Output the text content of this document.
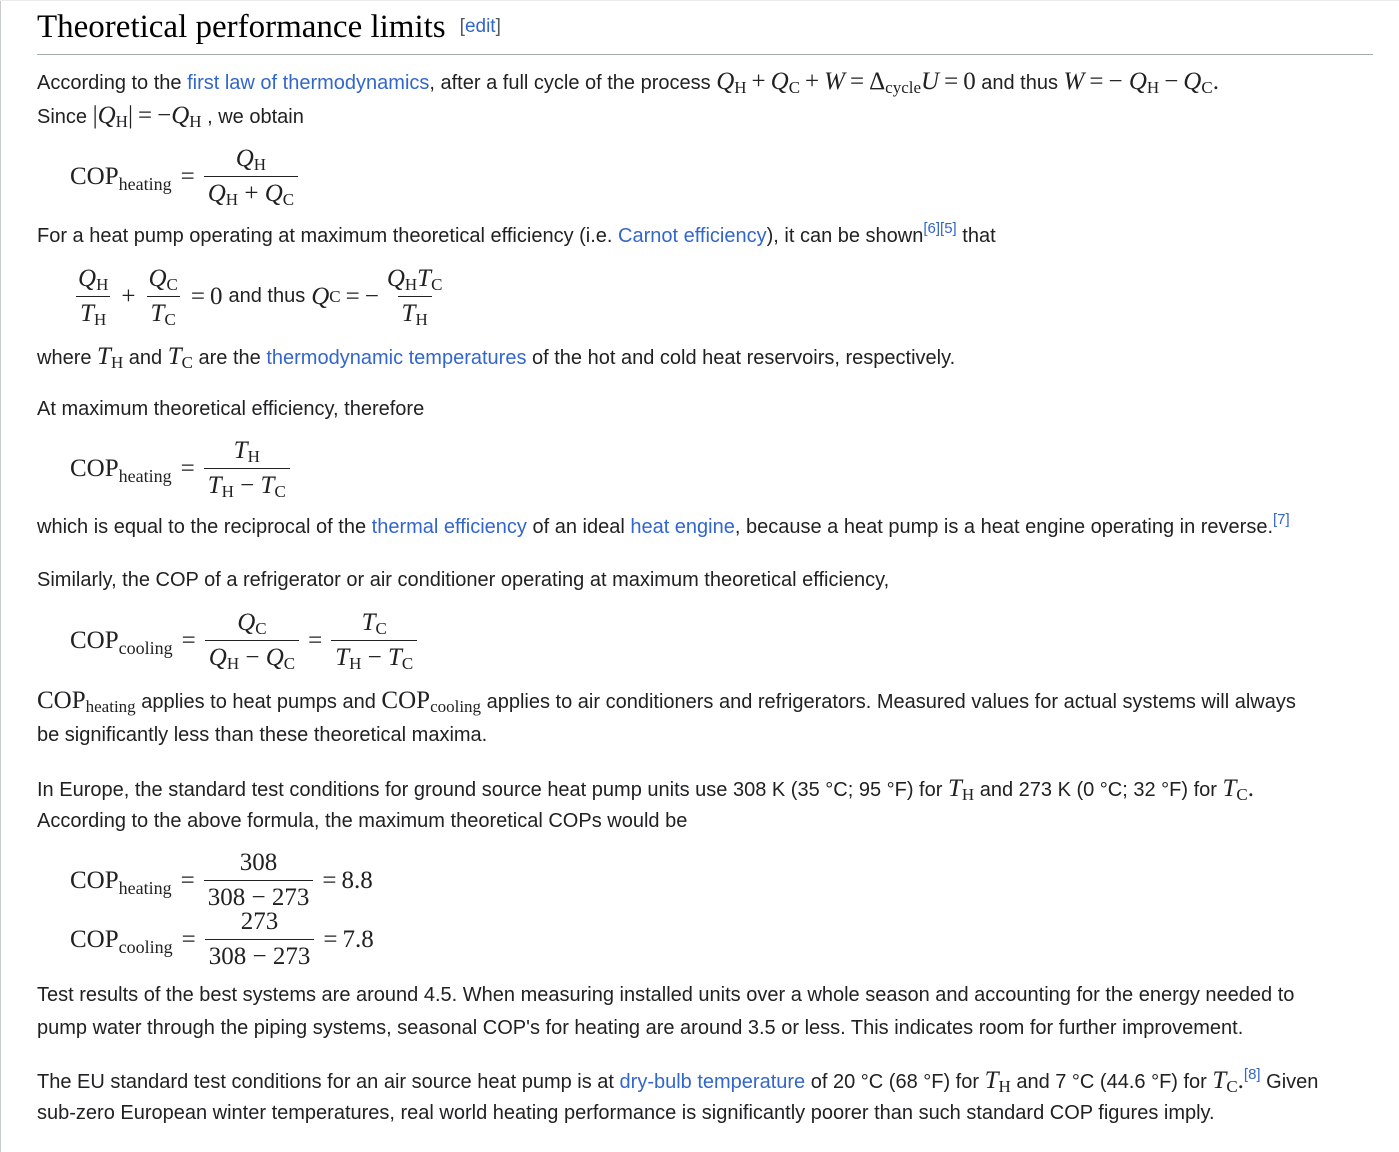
Theoretical performance limits [edit]
According to the first law of thermodynamics, after a full cycle of the process $Q_H + Q_C + W = \Delta_{cycle}U = 0$ and thus W = − $Q_H - Q_C$.
Since $|Q_H| = -Q_H$ , we obtain
$COP_{heating} = \frac{Q_H}{Q_H + Q_C}$
For a heat pump operating at maximum theoretical efficiency (i.e. Carnot efficiency), it can be shown[6][5] that
$\frac{Q_H}{T_H} + \frac{Q_C}{T_C} = 0$ and thus Q C = − $\frac{Q_HT_C}{T_H}$
where $T_H$ and $T_C$ are the thermodynamic temperatures of the hot and cold heat reservoirs, respectively.
At maximum theoretical efficiency, therefore
$COP_{heating} = \frac{T_H}{T_H - T_C}$
which is equal to the reciprocal of the thermal efficiency of an ideal heat engine, because a heat pump is a heat engine operating in reverse.[7]
Similarly, the COP of a refrigerator or air conditioner operating at maximum theoretical efficiency,
$COP_{cooling} = \frac{Q_C}{Q_H - Q_C} = \frac{T_C}{T_H - T_C}$
$COP_{heating}$ applies to heat pumps and $COP_{cooling}$ applies to air conditioners and refrigerators. Measured values for actual systems will always
be significantly less than these theoretical maxima.
In Europe, the standard test conditions for ground source heat pump units use 308 K (35 °C; 95 °F) for $T_H$ and 273 K (0 °C; 32 °F) for $T_C$.
According to the above formula, the maximum theoretical COPs would be
$COP_{heating} = \frac{308}{308 - 273} = 8.8$
$COP_{cooling} = \frac{273}{308 - 273} = 7.8$
Test results of the best systems are around 4.5. When measuring installed units over a whole season and accounting for the energy needed to
pump water through the piping systems, seasonal COP's for heating are around 3.5 or less. This indicates room for further improvement.
The EU standard test conditions for an air source heat pump is at dry-bulb temperature of 20 °C (68 °F) for $T_H$ and 7 °C (44.6 °F) for $T_C.[8]$ Given
sub-zero European winter temperatures, real world heating performance is significantly poorer than such standard COP figures imply.
